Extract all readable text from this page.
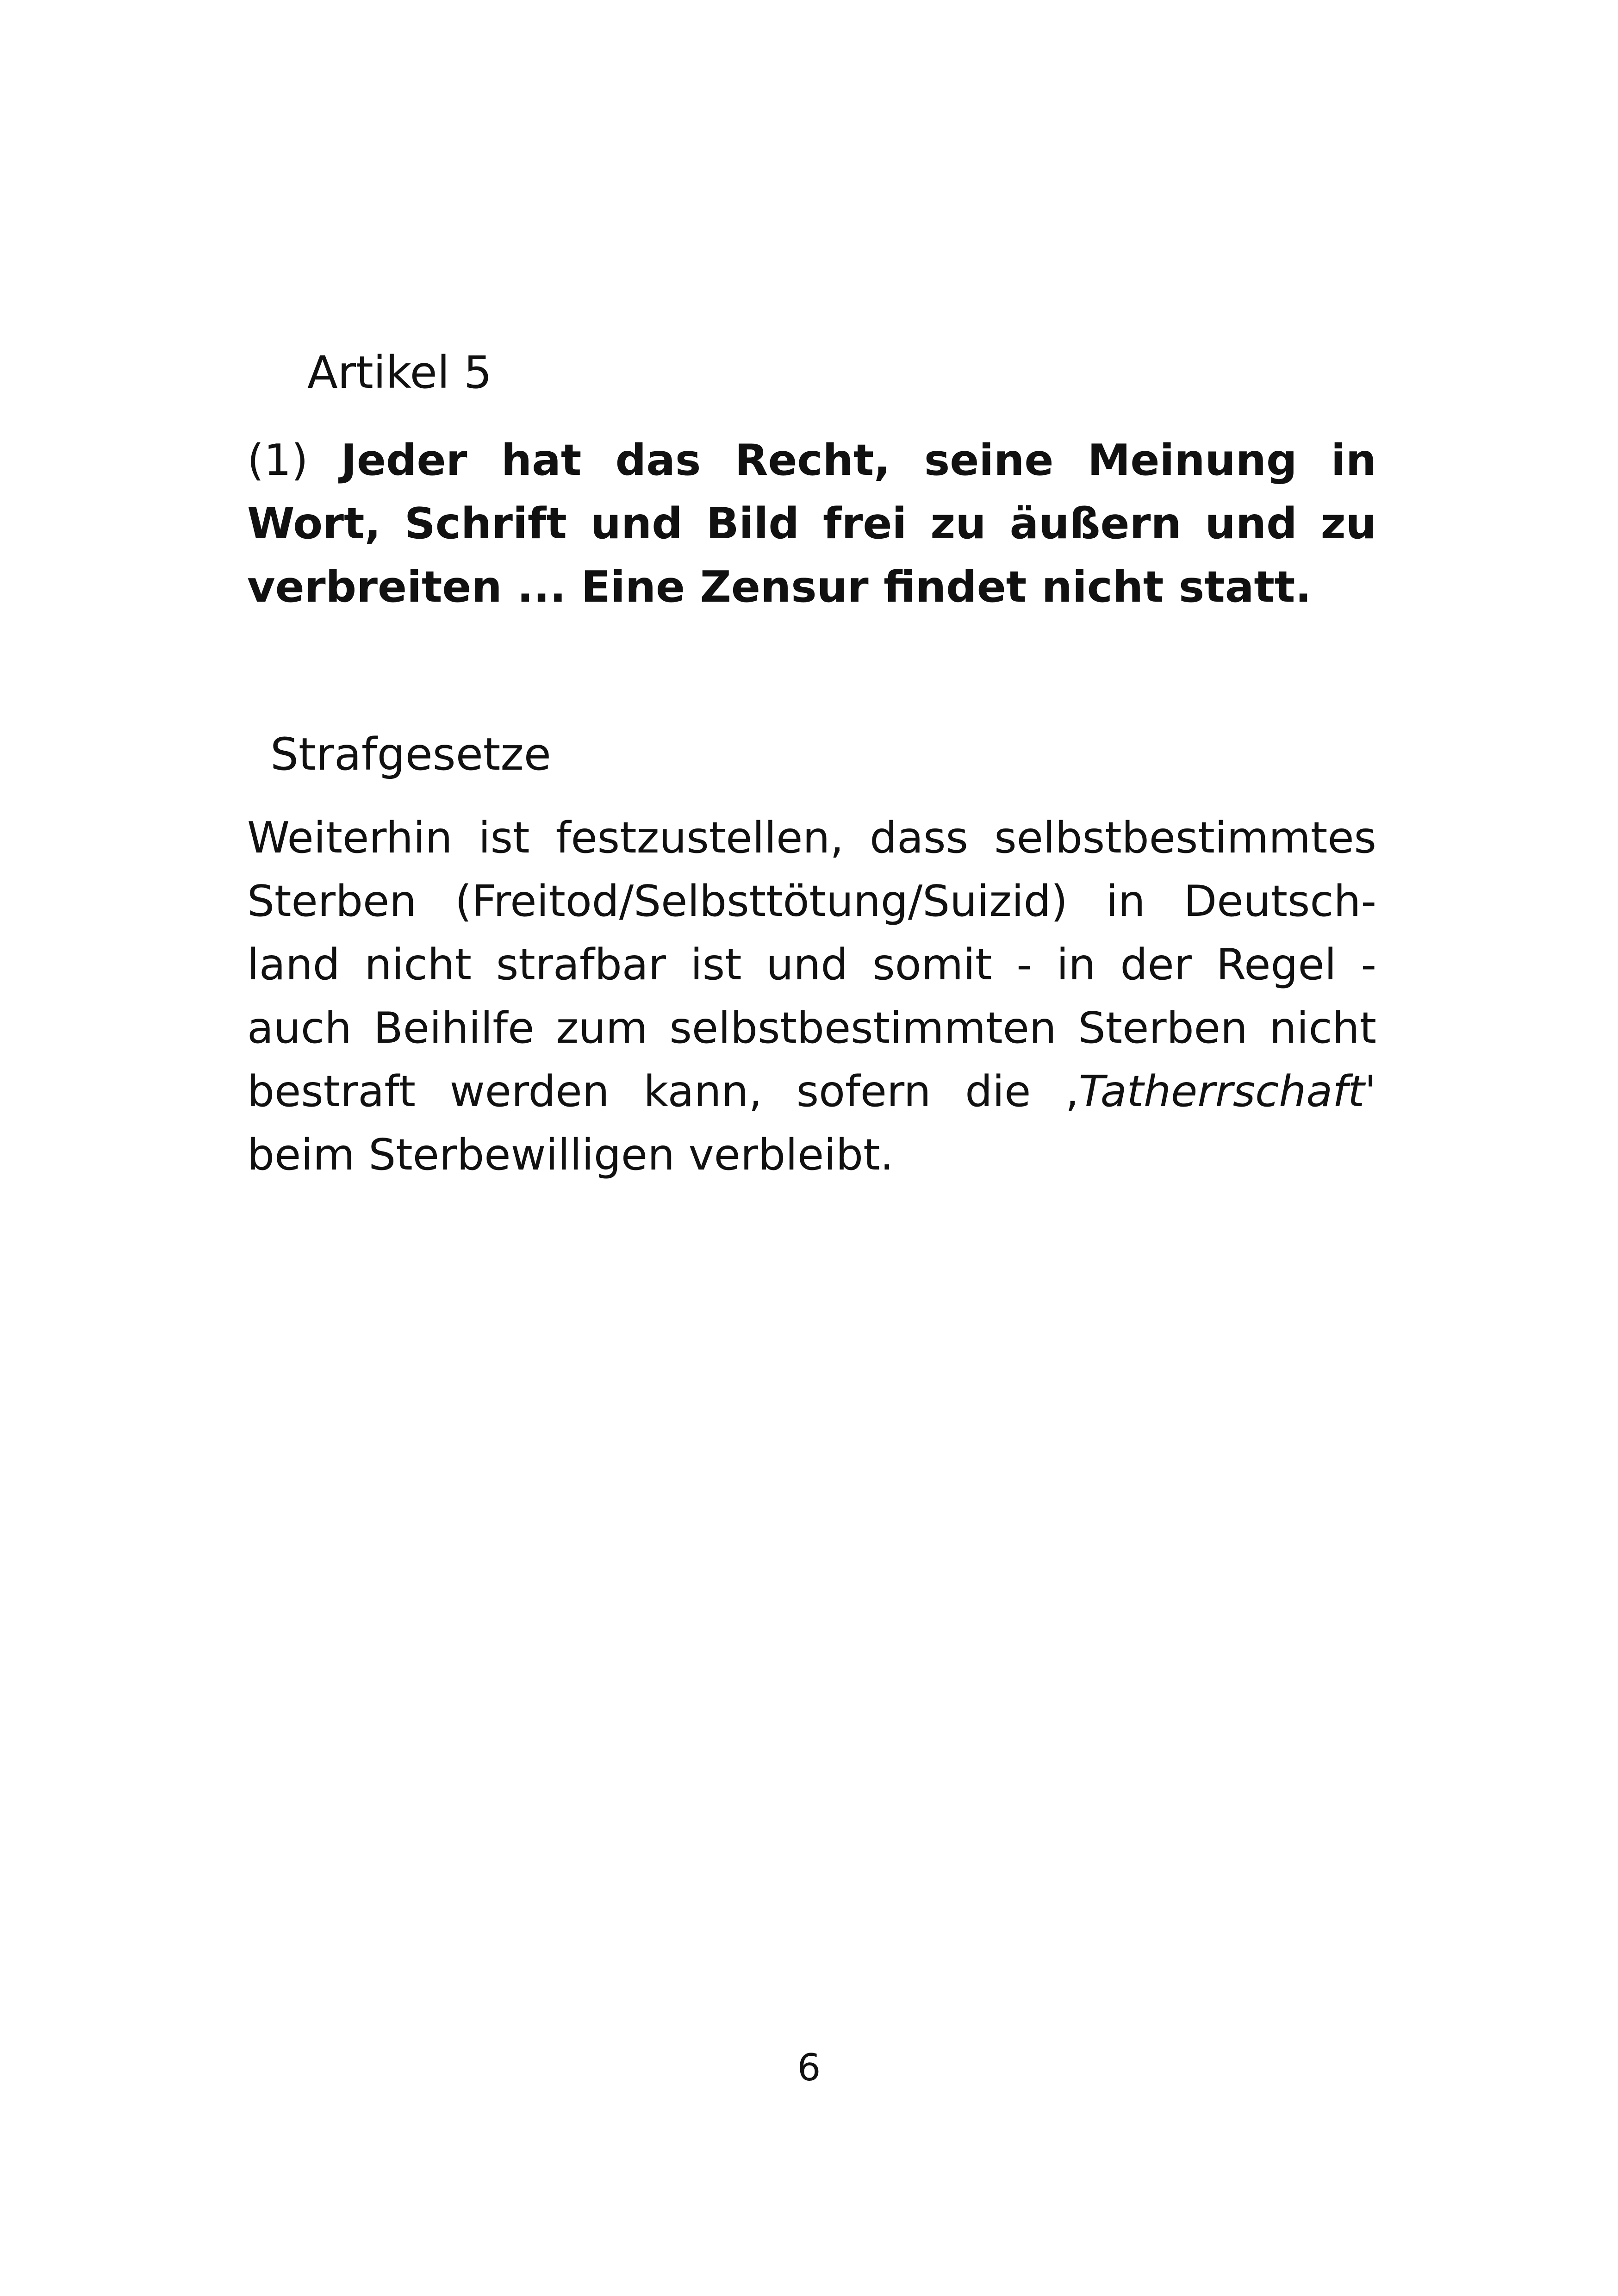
Artikel 5
(1) Jeder hat das Recht, seine Meinung in Wort, Schrift und Bild frei zu äußern und zu verbreiten ... Eine Zensur findet nicht statt.
Strafgesetze
Weiterhin ist festzustellen, dass selbstbestimmtes Sterben (Freitod/Selbsttötung/Suizid) in Deutschland nicht strafbar ist und somit - in der Regel - auch Beihilfe zum selbstbestimmten Sterben nicht bestraft werden kann, sofern die ‚Tatherrschaft' beim Sterbewilligen verbleibt.
6
